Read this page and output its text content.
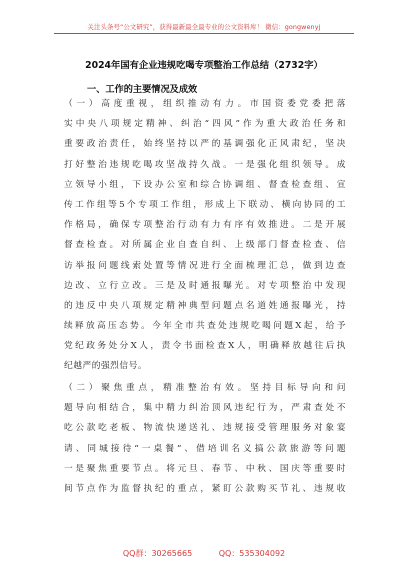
关注头条号“公文研究”，获得最新最全最专业的公文资料库！ 微信：gongwenyj
2024年国有企业违规吃喝专项整治工作总结（2732字）
一、工作的主要情况及成效
（一）高度重视，组织推动有力。市国资委党委把落
实中央八项规定精神、纠治“四风”作为重大政治任务和
重要政治责任，始终坚持以严的基调强化正风肃纪，坚决
打好整治违规吃喝攻坚战持久战。一是强化组织领导。成
立领导小组，下设办公室和综合协调组、督查检查组、宣
传工作组等5个专项工作组，形成上下联动、横向协同的工
作格局，确保专项整治行动有力有序有效推进。二是开展
督查检查。对所属企业自查自纠、上级部门督查检查、信
访举报问题线索处置等情况进行全面梳理汇总，做到边查
边改、立行立改。三是及时通报曝光。对专项整治中发现
的违反中央八项规定精神典型问题点名道姓通报曝光，持
续释放高压态势。今年全市共查处违规吃喝问题X起，给予
党纪政务处分X人，责令书面检查X人，明确释放越往后执
纪越严的强烈信号。
（二）聚焦重点，精准整治有效。坚持目标导向和问
题导向相结合，集中精力纠治顶风违纪行为，严肃查处不
吃公款吃老板、物流快递送礼、违规接受管理服务对象宴
请、同城接待“一桌餐”、借培训名义搞公款旅游等问题
一是聚焦重要节点。将元旦、春节、中秋、国庆等重要时
间节点作为监督执纪的重点，紧盯公款购买节礼、违规收
QQ群：30265665	QQ：535304092
